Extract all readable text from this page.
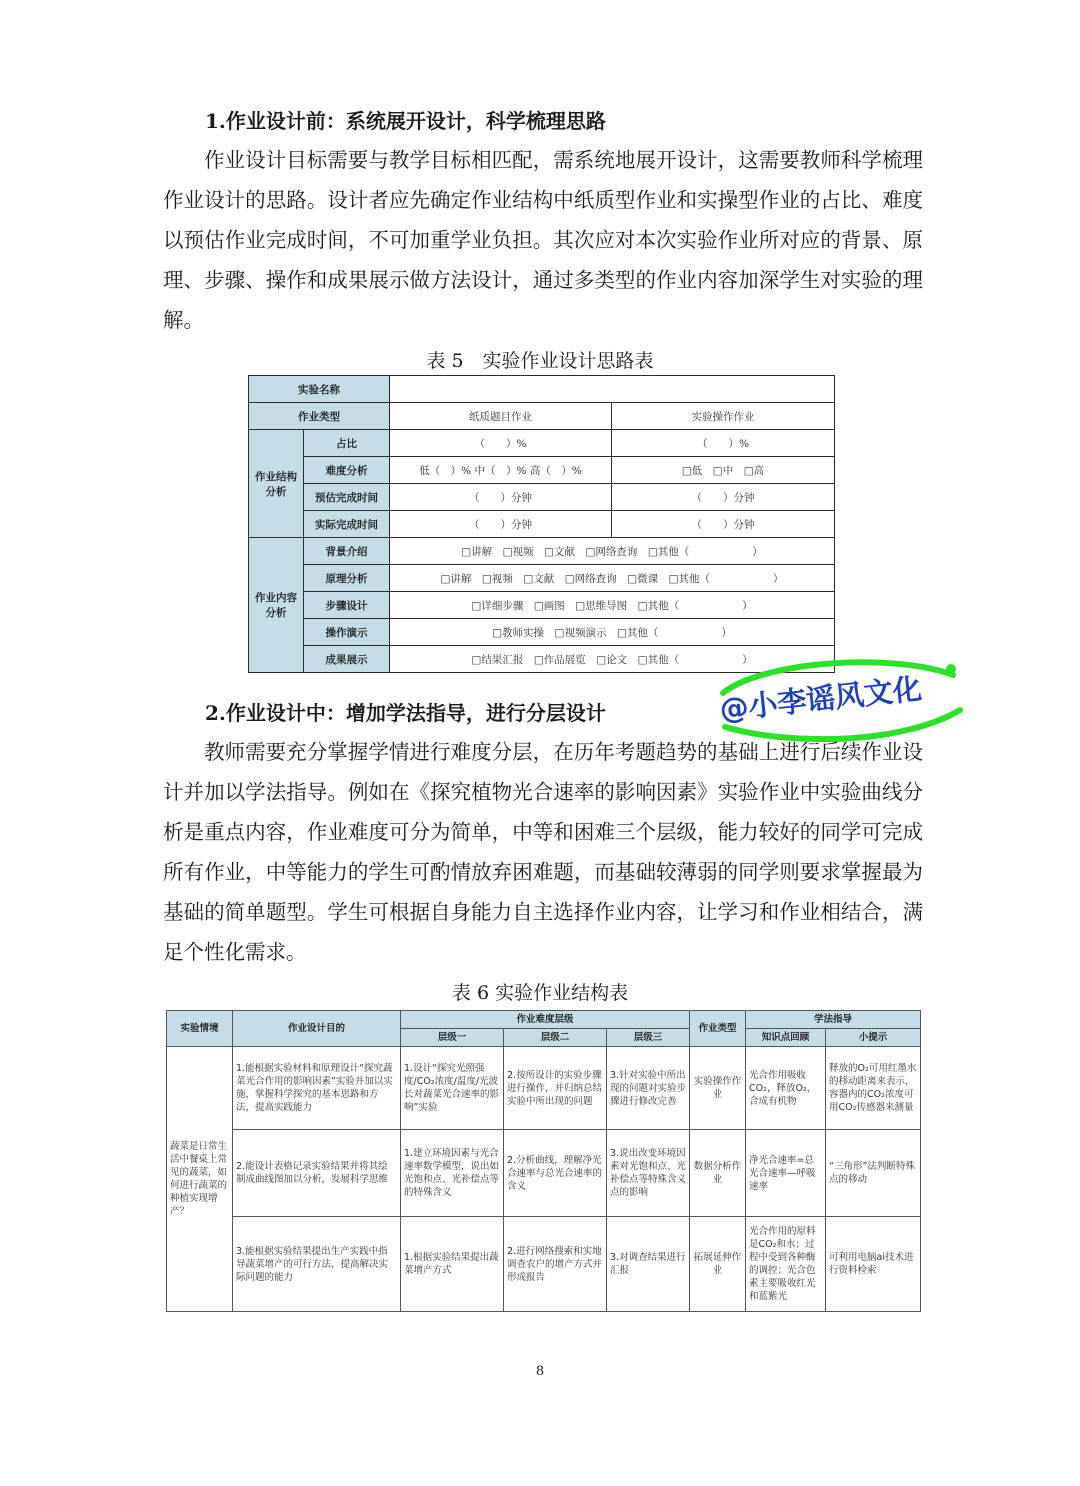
1.作业设计前：系统展开设计，科学梳理思路
作业设计目标需要与教学目标相匹配，需系统地展开设计，这需要教师科学梳理作业设计的思路。设计者应先确定作业结构中纸质型作业和实操型作业的占比、难度以预估作业完成时间，不可加重学业负担。其次应对本次实验作业所对应的背景、原理、步骤、操作和成果展示做方法设计，通过多类型的作业内容加深学生对实验的理解。
表 5　实验作业设计思路表
实验名称			
作业类型		纸质题目作业	实验操作作业
作业结构分析	占比	（　　）%	（　　）%
	难度分析	低（　）% 中（　）% 高（　）%	□低　□中　□高
	预估完成时间	（　　）分钟	（　　）分钟
	实际完成时间	（　　）分钟	（　　）分钟
作业内容分析	背景介绍	□讲解　□视频　□文献　□网络查询　□其他（　　　　　　）	
	原理分析	□讲解　□视频　□文献　□网络查询　□微课　□其他（　　　　　　）	
	步骤设计	□详细步骤　□画图　□思维导图　□其他（　　　　　　）	
	操作演示	□教师实操　□视频演示　□其他（　　　　　　）	
	成果展示	□结果汇报　□作品展览　□论文　□其他（　　　　　　）	
2.作业设计中：增加学法指导，进行分层设计
教师需要充分掌握学情进行难度分层，在历年考题趋势的基础上进行后续作业设计并加以学法指导。例如在《探究植物光合速率的影响因素》实验作业中实验曲线分析是重点内容，作业难度可分为简单，中等和困难三个层级，能力较好的同学可完成所有作业，中等能力的学生可酌情放弃困难题，而基础较薄弱的同学则要求掌握最为基础的简单题型。学生可根据自身能力自主选择作业内容，让学习和作业相结合，满足个性化需求。
表 6 实验作业结构表
实验情境	作业设计目的	作业难度层级			作业类型	学法指导	
		层级一	层级二	层级三		知识点回顾	小提示
蔬菜是日常生活中餐桌上常见的蔬菜，如何进行蔬菜的种植实现增产？	1.能根据实验材料和原理设计“探究蔬菜光合作用的影响因素”实验并加以实施，掌握科学探究的基本思路和方法，提高实践能力	1.设计“探究光照强度/CO₂浓度/温度/光波长对蔬菜光合速率的影响”实验	2.按所设计的实验步骤进行操作，并归纳总结实验中所出现的问题	3.针对实验中所出现的问题对实验步骤进行修改完善	实验操作作业	光合作用吸收CO₂，释放O₂，合成有机物	释放的O₂可用红墨水的移动距离来表示，容器内的CO₂浓度可用CO₂传感器来测量
	2.能设计表格记录实验结果并将其绘制成曲线图加以分析，发展科学思维	1.建立环境因素与光合速率数学模型，说出如光饱和点、光补偿点等的特殊含义	2.分析曲线，理解净光合速率与总光合速率的含义	3.说出改变环境因素对光饱和点、光补偿点等特殊含义点的影响	数据分析作业	净光合速率=总光合速率—呼吸速率	“三角形”法判断特殊点的移动
	3.能根据实验结果提出生产实践中指导蔬菜增产的可行方法，提高解决实际问题的能力	1.根据实验结果提出蔬菜增产方式	2.进行网络搜索和实地调查农户的增产方式并形成报告	3.对调查结果进行汇报	拓展延伸作业	光合作用的原料是CO₂和水；过程中受到各种酶的调控；光合色素主要吸收红光和蓝紫光	可利用电脑ai技术进行资料检索
8
@小李谣风文化
